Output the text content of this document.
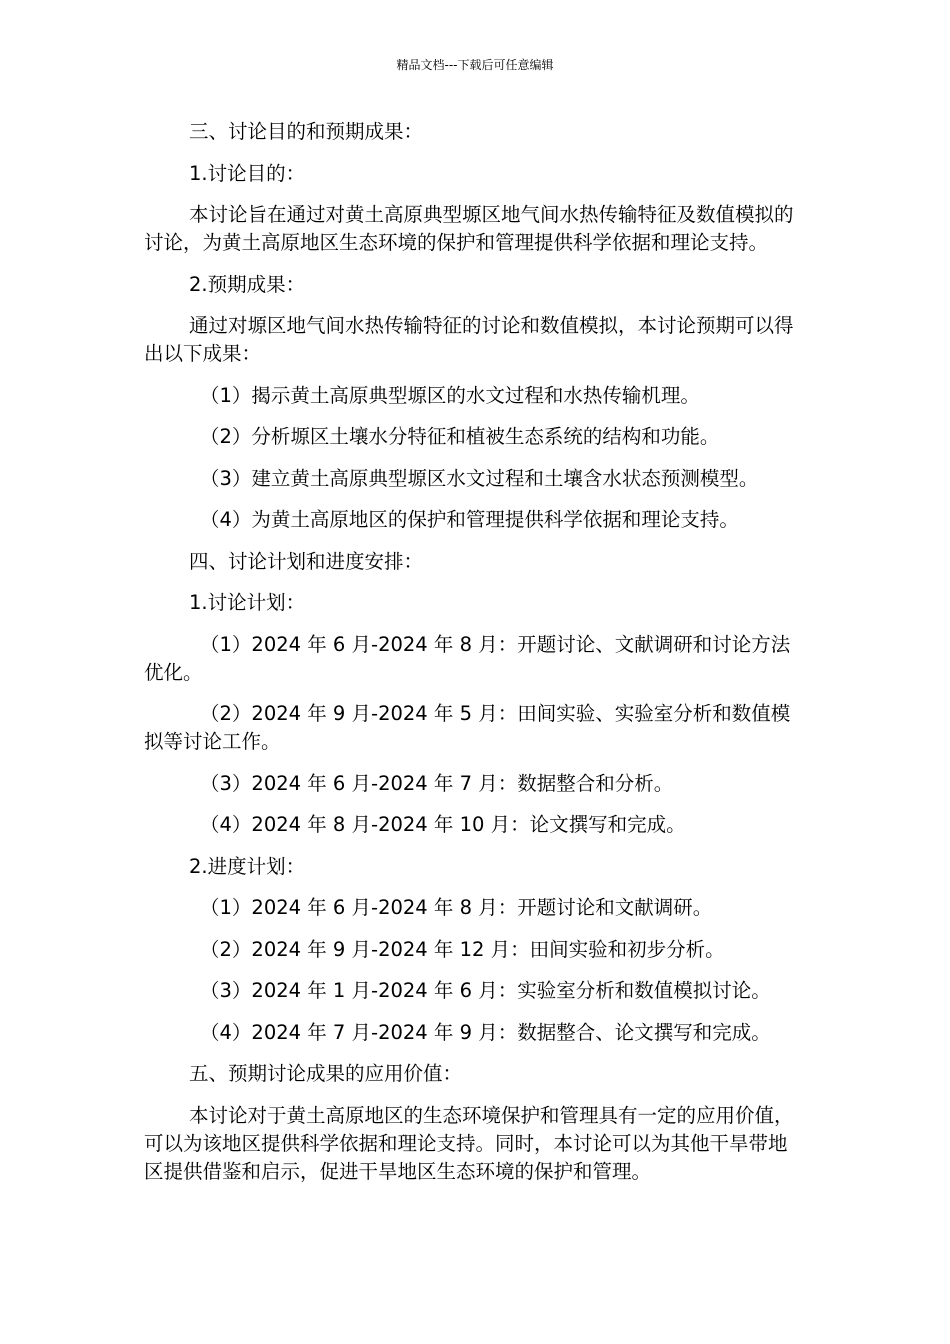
精品文档---下载后可任意编辑

三、讨论目的和预期成果：

1.讨论目的：

本讨论旨在通过对黄土高原典型塬区地气间水热传输特征及数值模拟的讨论，为黄土高原地区生态环境的保护和管理提供科学依据和理论支持。

2.预期成果：

通过对塬区地气间水热传输特征的讨论和数值模拟，本讨论预期可以得出以下成果：

（1）揭示黄土高原典型塬区的水文过程和水热传输机理。

（2）分析塬区土壤水分特征和植被生态系统的结构和功能。

（3）建立黄土高原典型塬区水文过程和土壤含水状态预测模型。

（4）为黄土高原地区的保护和管理提供科学依据和理论支持。

四、讨论计划和进度安排：

1.讨论计划：

（1）2024 年 6 月-2024 年 8 月：开题讨论、文献调研和讨论方法优化。

（2）2024 年 9 月-2024 年 5 月：田间实验、实验室分析和数值模拟等讨论工作。

（3）2024 年 6 月-2024 年 7 月：数据整合和分析。

（4）2024 年 8 月-2024 年 10 月：论文撰写和完成。

2.进度计划：

（1）2024 年 6 月-2024 年 8 月：开题讨论和文献调研。

（2）2024 年 9 月-2024 年 12 月：田间实验和初步分析。

（3）2024 年 1 月-2024 年 6 月：实验室分析和数值模拟讨论。

（4）2024 年 7 月-2024 年 9 月：数据整合、论文撰写和完成。

五、预期讨论成果的应用价值：

本讨论对于黄土高原地区的生态环境保护和管理具有一定的应用价值，可以为该地区提供科学依据和理论支持。同时，本讨论可以为其他干旱带地区提供借鉴和启示，促进干旱地区生态环境的保护和管理。
